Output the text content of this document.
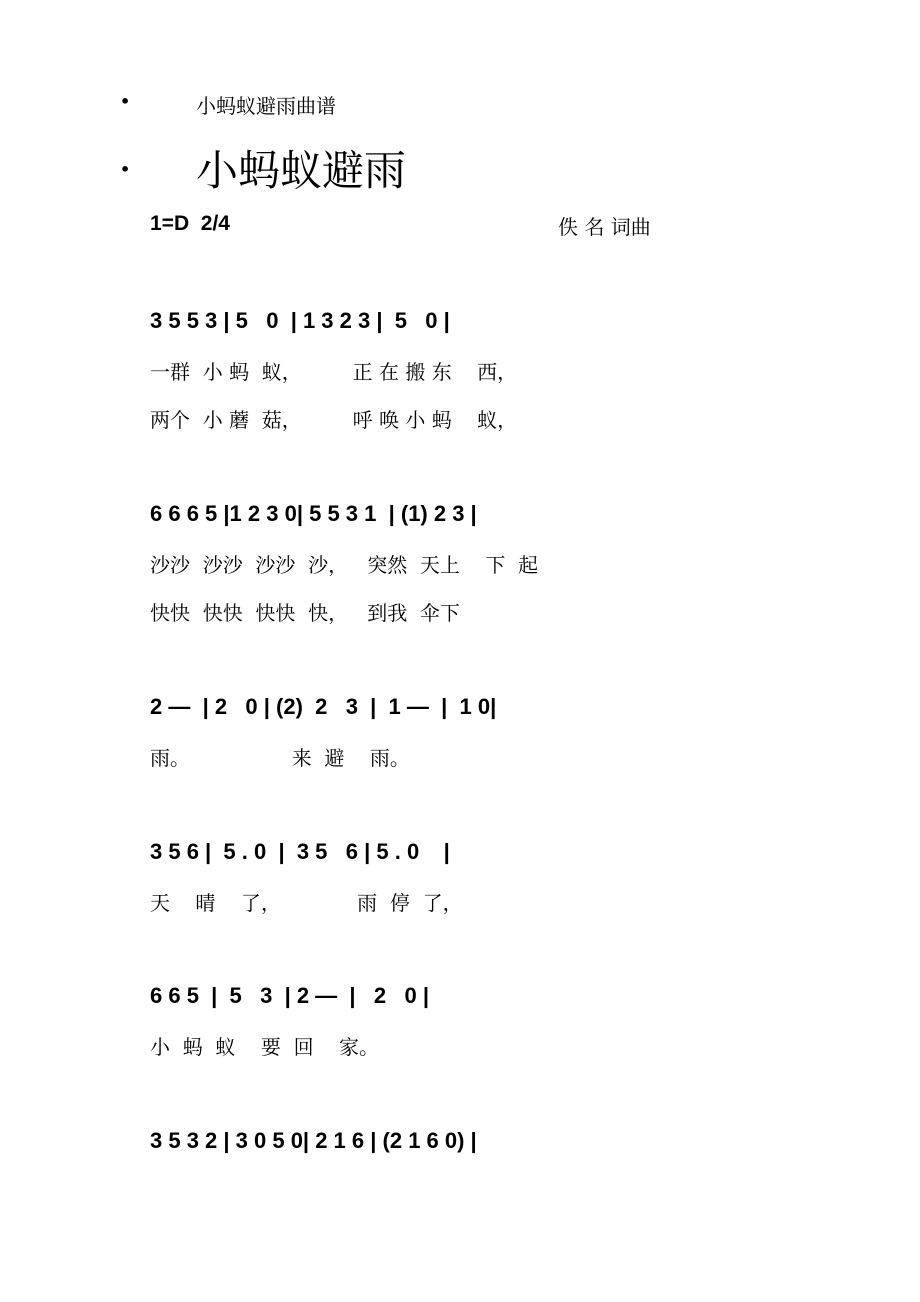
•	小蚂蚁避雨曲谱
• 小蚂蚁避雨
1=D  2/4	佚 名 词曲
3 5 5 3 | 5   0  | 1 3 2 3 |  5   0 |
一群  小 蚂  蚁，        正 在 搬 东    西，
两个  小 蘑  菇，        呼 唤 小 蚂    蚁，
6 6 6 5 |1 2 3 0| 5 5 3 1  | (1) 2 3 |
沙沙  沙沙  沙沙  沙，   突然  天上    下  起
快快  快快  快快  快，   到我  伞下
2 —  | 2   0 | (2)  2   3  |  1 —  |  1 0|
雨。                来  避    雨。
3 5 6 |  5 . 0  |  3 5   6 | 5 . 0    |
天    晴    了，            雨  停  了，
6 6 5  |  5   3  | 2 —  |   2   0 |
小  蚂  蚁    要  回    家。
3 5 3 2 | 3 0 5 0| 2 1 6 | (2 1 6 0) |
